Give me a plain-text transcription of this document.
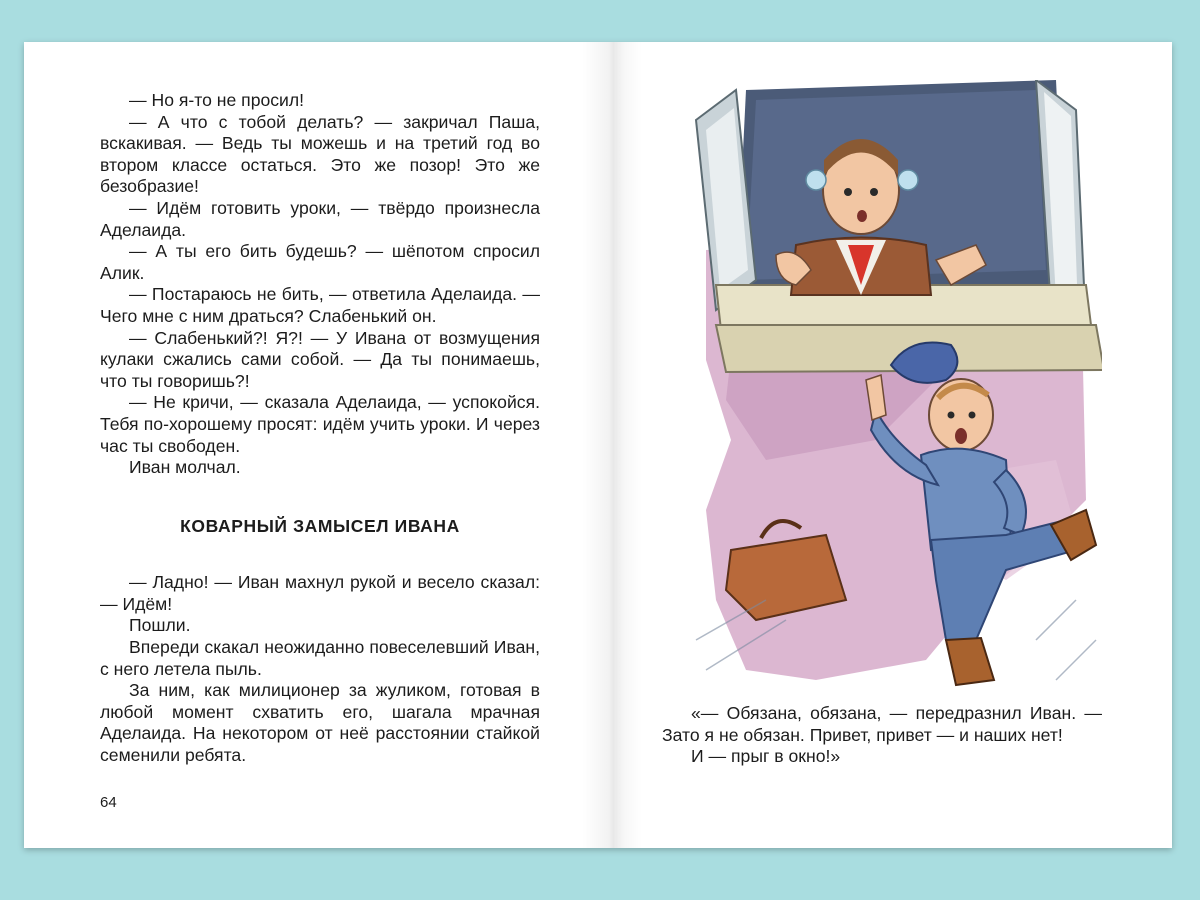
— Но я-то не просил!

— А что с тобой делать? — закричал Паша, вскакивая. — Ведь ты можешь и на третий год во втором классе остаться. Это же позор! Это же безобразие!

— Идём готовить уроки, — твёрдо произнесла Аделаида.

— А ты его бить будешь? — шёпотом спросил Алик.

— Постараюсь не бить, — ответила Аделаида. — Чего мне с ним драться? Слабенький он.

— Слабенький?! Я?! — У Ивана от возмущения кулаки сжались сами собой. — Да ты понимаешь, что ты говоришь?!

— Не кричи, — сказала Аделаида, — успокойся. Тебя по-хорошему просят: идём учить уроки. И через час ты свободен.

Иван молчал.

КОВАРНЫЙ ЗАМЫСЕЛ ИВАНА

— Ладно! — Иван махнул рукой и весело сказал: — Идём!

Пошли.

Впереди скакал неожиданно повеселевший Иван, с него летела пыль.

За ним, как милиционер за жуликом, готовая в любой момент схватить его, шагала мрачная Аделаида. На некотором от неё расстоянии стайкой семенили ребята.

64

«— Обязана, обязана, — передразнил Иван. — Зато я не обязан. Привет, привет — и наших нет!

И — прыг в окно!»
